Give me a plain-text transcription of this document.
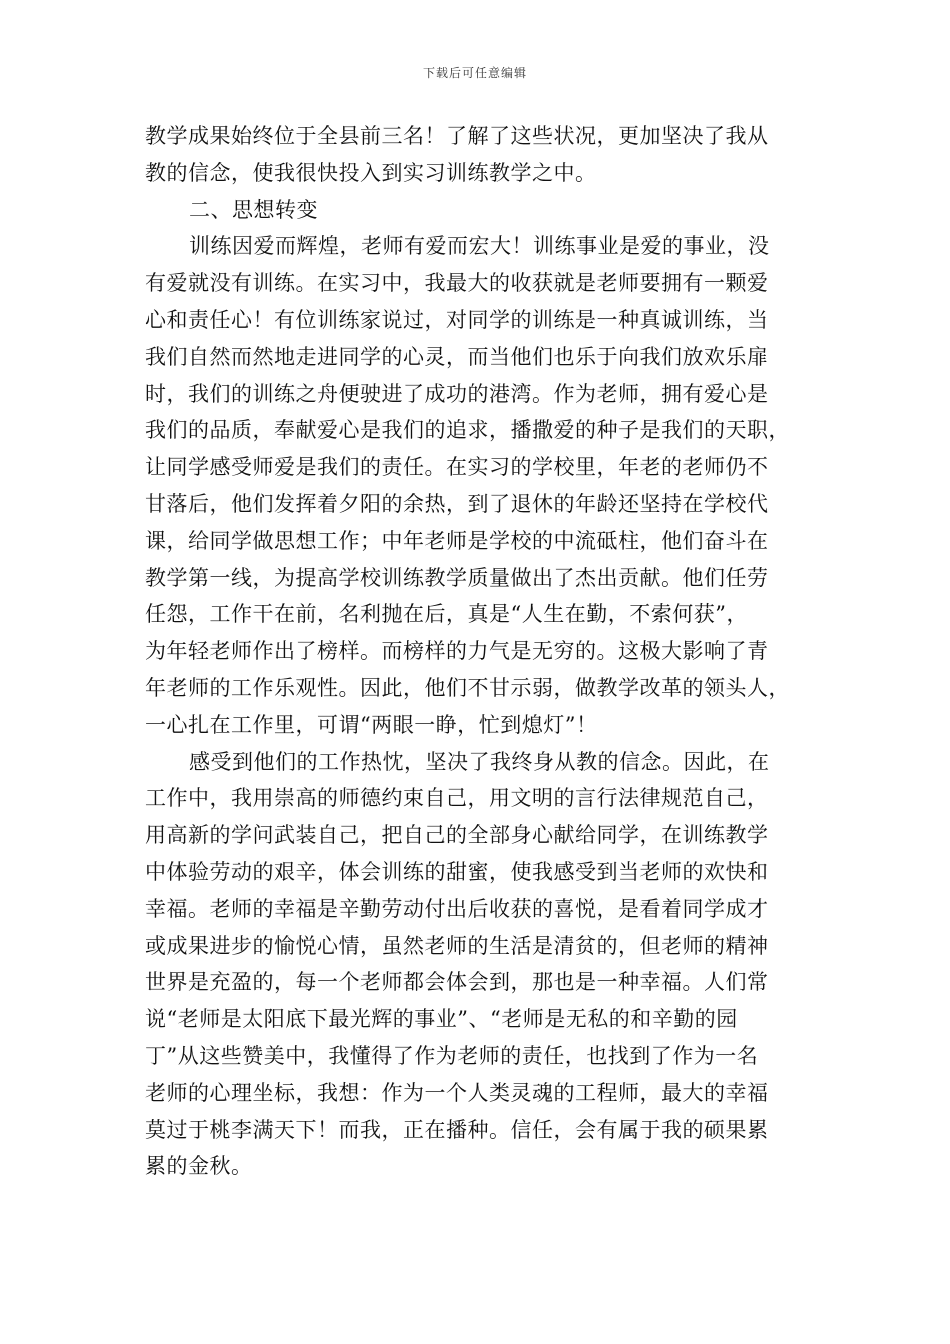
下载后可任意编辑
教学成果始终位于全县前三名！了解了这些状况，更加坚决了我从
教的信念，使我很快投入到实习训练教学之中。
二、思想转变
训练因爱而辉煌，老师有爱而宏大！训练事业是爱的事业，没
有爱就没有训练。在实习中，我最大的收获就是老师要拥有一颗爱
心和责任心！有位训练家说过，对同学的训练是一种真诚训练，当
我们自然而然地走进同学的心灵，而当他们也乐于向我们放欢乐扉
时，我们的训练之舟便驶进了成功的港湾。作为老师，拥有爱心是
我们的品质，奉献爱心是我们的追求，播撒爱的种子是我们的天职，
让同学感受师爱是我们的责任。在实习的学校里，年老的老师仍不
甘落后，他们发挥着夕阳的余热，到了退休的年龄还坚持在学校代
课，给同学做思想工作；中年老师是学校的中流砥柱，他们奋斗在
教学第一线，为提高学校训练教学质量做出了杰出贡献。他们任劳
任怨，工作干在前，名利抛在后，真是“人生在勤，不索何获”，
为年轻老师作出了榜样。而榜样的力气是无穷的。这极大影响了青
年老师的工作乐观性。因此，他们不甘示弱，做教学改革的领头人，
一心扎在工作里，可谓“两眼一睁，忙到熄灯”！
感受到他们的工作热忱，坚决了我终身从教的信念。因此，在
工作中，我用崇高的师德约束自己，用文明的言行法律规范自己，
用高新的学问武装自己，把自己的全部身心献给同学，在训练教学
中体验劳动的艰辛，体会训练的甜蜜，使我感受到当老师的欢快和
幸福。老师的幸福是辛勤劳动付出后收获的喜悦，是看着同学成才
或成果进步的愉悦心情，虽然老师的生活是清贫的，但老师的精神
世界是充盈的，每一个老师都会体会到，那也是一种幸福。人们常
说“老师是太阳底下最光辉的事业”、“老师是无私的和辛勤的园
丁”从这些赞美中，我懂得了作为老师的责任，也找到了作为一名
老师的心理坐标，我想：作为一个人类灵魂的工程师，最大的幸福
莫过于桃李满天下！而我，正在播种。信任，会有属于我的硕果累
累的金秋。
